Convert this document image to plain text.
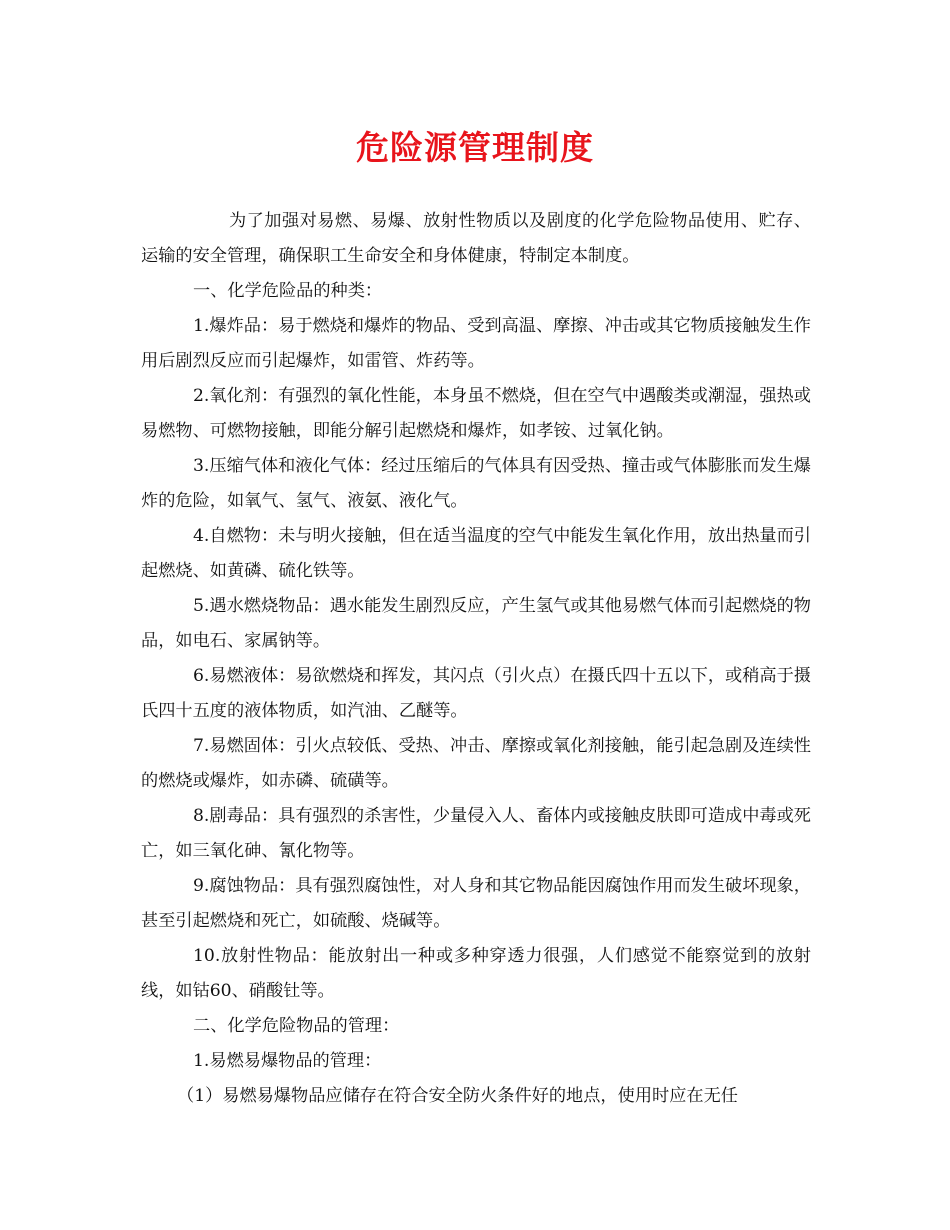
危险源管理制度

为了加强对易燃、易爆、放射性物质以及剧度的化学危险物品使用、贮存、运输的安全管理，确保职工生命安全和身体健康，特制定本制度。

一、化学危险品的种类：

1.爆炸品：易于燃烧和爆炸的物品、受到高温、摩擦、冲击或其它物质接触发生作用后剧烈反应而引起爆炸，如雷管、炸药等。

2.氧化剂：有强烈的氧化性能，本身虽不燃烧，但在空气中遇酸类或潮湿，强热或易燃物、可燃物接触，即能分解引起燃烧和爆炸，如孝铵、过氧化钠。

3.压缩气体和液化气体：经过压缩后的气体具有因受热、撞击或气体膨胀而发生爆炸的危险，如氧气、氢气、液氨、液化气。

4.自燃物：未与明火接触，但在适当温度的空气中能发生氧化作用，放出热量而引起燃烧、如黄磷、硫化铁等。

5.遇水燃烧物品：遇水能发生剧烈反应，产生氢气或其他易燃气体而引起燃烧的物品，如电石、家属钠等。

6.易燃液体：易欲燃烧和挥发，其闪点（引火点）在摄氏四十五以下，或稍高于摄氏四十五度的液体物质，如汽油、乙醚等。

7.易燃固体：引火点较低、受热、冲击、摩擦或氧化剂接触，能引起急剧及连续性的燃烧或爆炸，如赤磷、硫磺等。

8.剧毒品：具有强烈的杀害性，少量侵入人、畜体内或接触皮肤即可造成中毒或死亡，如三氧化砷、氰化物等。

9.腐蚀物品：具有强烈腐蚀性，对人身和其它物品能因腐蚀作用而发生破坏现象，甚至引起燃烧和死亡，如硫酸、烧碱等。

10.放射性物品：能放射出一种或多种穿透力很强，人们感觉不能察觉到的放射线，如钴60、硝酸钍等。

二、化学危险物品的管理：

1.易燃易爆物品的管理：

（1）易燃易爆物品应储存在符合安全防火条件好的地点，使用时应在无任
